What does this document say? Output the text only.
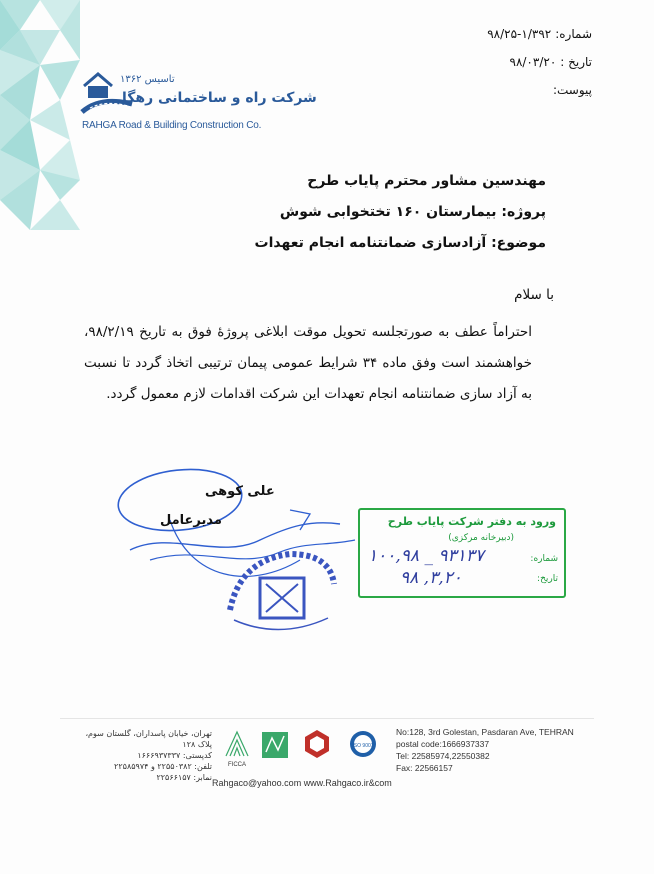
تاسیس ۱۳۶۲
شرکت راه و ساختمانی رهگا
RAHGA Road & Building Construction Co.
شماره:
۹۸/۲۵-۱/۳۹۲
تاریخ :
۹۸/۰۳/۲۰
پیوست:
مهندسین مشاور محترم پایاب طرح
پروژه: بیمارستان ۱۶۰ تختخوابی شوش
موضوع: آزادسازی ضمانتنامه انجام تعهدات

با سلام

احتراماً عطف به صورتجلسه تحویل موقت ابلاغی پروژهٔ فوق به تاریخ ۹۸/۲/۱۹، خواهشمند است وفق ماده ۳۴ شرایط عمومی پیمان ترتیبی اتخاذ گردد تا نسبت به آزاد سازی ضمانتنامه انجام تعهدات این شرکت اقدامات لازم معمول گردد.

علی کوهی
مدیرعامل	ورود به دفتر شرکت پایاب طرح
(دبیرخانه مرکزی)
شماره:
۱۰۰,۹۸ _ ۹۳۱۳۷
تاریخ:
۹۸ ,۳,۲۰
تهران، خیابان پاسداران، گلستان سوم، پلاک ۱۲۸
کدپستی: ۱۶۶۶۹۳۷۳۳۷
تلفن: ۲۲۵۵۰۳۸۲ و ۲۲۵۸۵۹۷۴
نمابر: ۲۲۵۶۶۱۵۷
FICCA
ISO 9001
No:128, 3rd Golestan, Pasdaran Ave, TEHRAN
postal code:1666937337
Tel: 22585974,22550382
Fax: 22566157
Rahgaco@yahoo.com www.Rahgaco.ir&com
